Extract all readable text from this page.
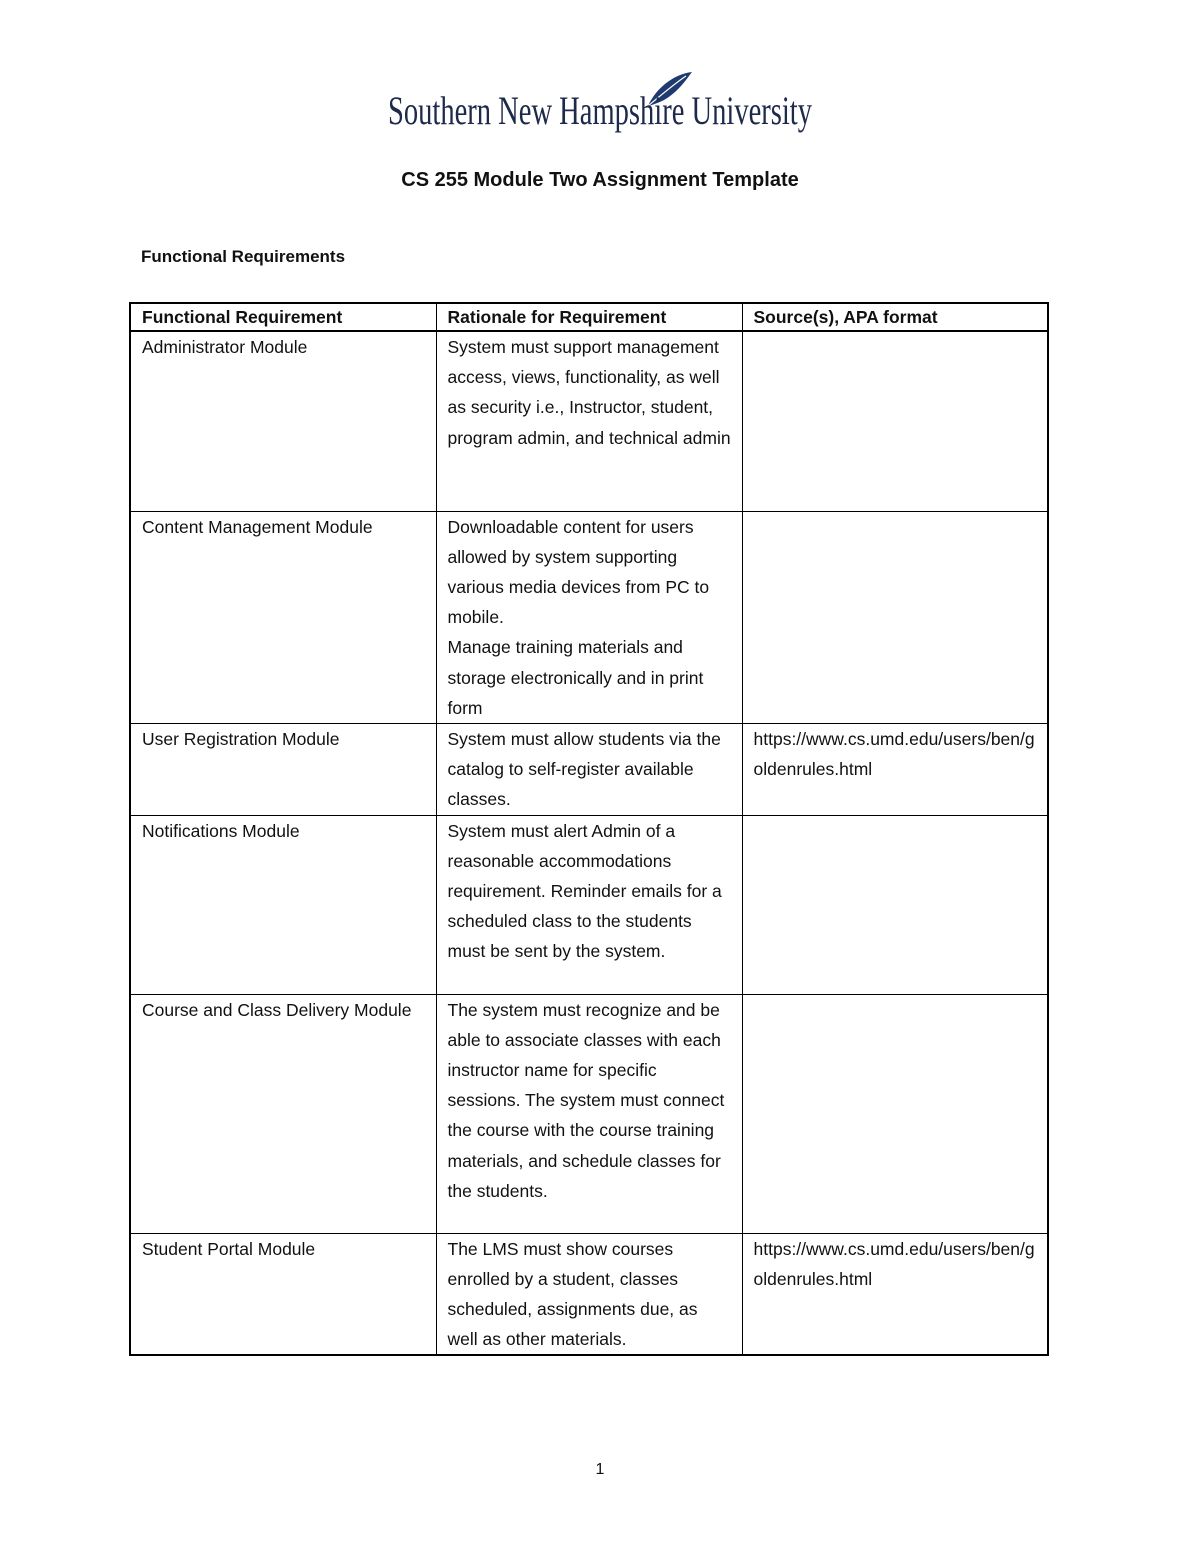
Southern New Hampshire University
CS 255 Module Two Assignment Template
Functional Requirements
Functional Requirement	Rationale for Requirement	Source(s), APA format
Administrator Module	System must support management access, views, functionality, as well as security i.e., Instructor, student, program admin, and technical admin	
Content Management Module	Downloadable content for users allowed by system supporting various media devices from PC to mobile.
Manage training materials and storage electronically and in print form	

User Registration Module	System must allow students via the catalog to self-register available classes.	https://www.cs.umd.edu/users/ben/goldenrules.html
Notifications Module	System must alert Admin of a reasonable accommodations requirement. Reminder emails for a scheduled class to the students must be sent by the system.	
Course and Class Delivery Module	The system must recognize and be able to associate classes with each instructor name for specific sessions. The system must connect the course with the course training materials, and schedule classes for the students.	
Student Portal Module	The LMS must show courses enrolled by a student, classes scheduled, assignments due, as well as other materials.	https://www.cs.umd.edu/users/ben/goldenrules.html
1
